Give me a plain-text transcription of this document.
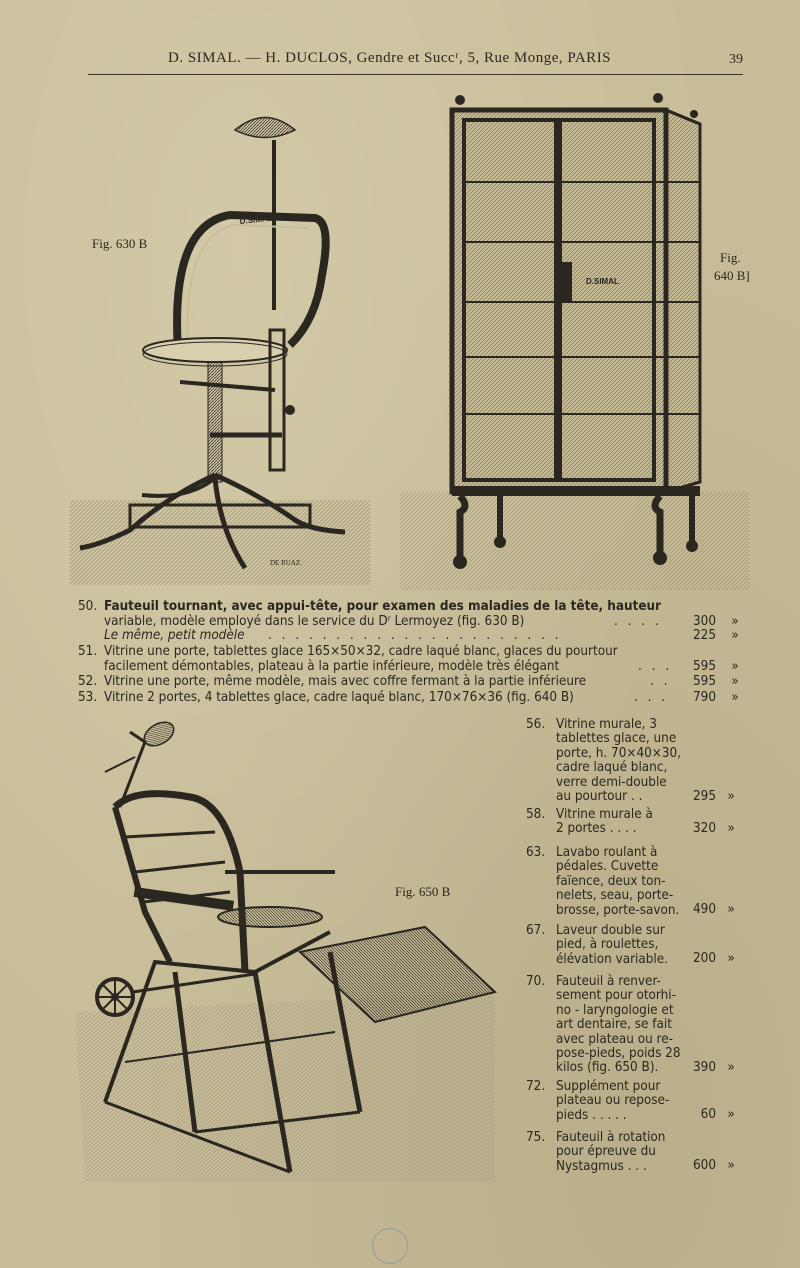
D. SIMAL. — H. DUCLOS, Gendre et Succʳ, 5, Rue Monge, PARIS	39
Fig. 630 B
Fig.
640 B]
Fig. 650 B
D.SIMAL
DE RUAZ.
D.SIMAL
50. Fauteuil tournant, avec appui-tête, pour examen des maladies de la tête, hauteur
variable, modèle employé dans le service du Dʳ Lermoyez (fig. 630 B)	. . . .	300 »
Le même, petit modèle . . . . . . . . . . . . . . . . . . . . . .	225 »
51. Vitrine une porte, tablettes glace 165×50×32, cadre laqué blanc, glaces du pourtour
facilement démontables, plateau à la partie inférieure, modèle très élégant	. . .	595 »
52. Vitrine une porte, même modèle, mais avec coffre fermant à la partie inférieure	. .	595 »
53. Vitrine 2 portes, 4 tablettes glace, cadre laqué blanc, 170×76×36 (fig. 640 B)	. . .	790 »
56. Vitrine murale, 3
tablettes glace, une
porte, h. 70×40×30,
cadre laqué blanc,
verre demi-double
au pourtour . .	295 »
58. Vitrine murale à
2 portes . . . .	320 »
63. Lavabo roulant à
pédales. Cuvette
faïence, deux ton-
nelets, seau, porte-
brosse, porte-savon.	490 »
67. Laveur double sur
pied, à roulettes,
élévation variable.	200 »
70. Fauteuil à renver-
sement pour otorhi-
no - laryngologie et
art dentaire, se fait
avec plateau ou re-
pose-pieds, poids 28
kilos (fig. 650 B).	390 »
72. Supplément pour
plateau ou repose-
pieds . . . . .	60 »
75. Fauteuil à rotation
pour épreuve du
Nystagmus . . .	600 »
